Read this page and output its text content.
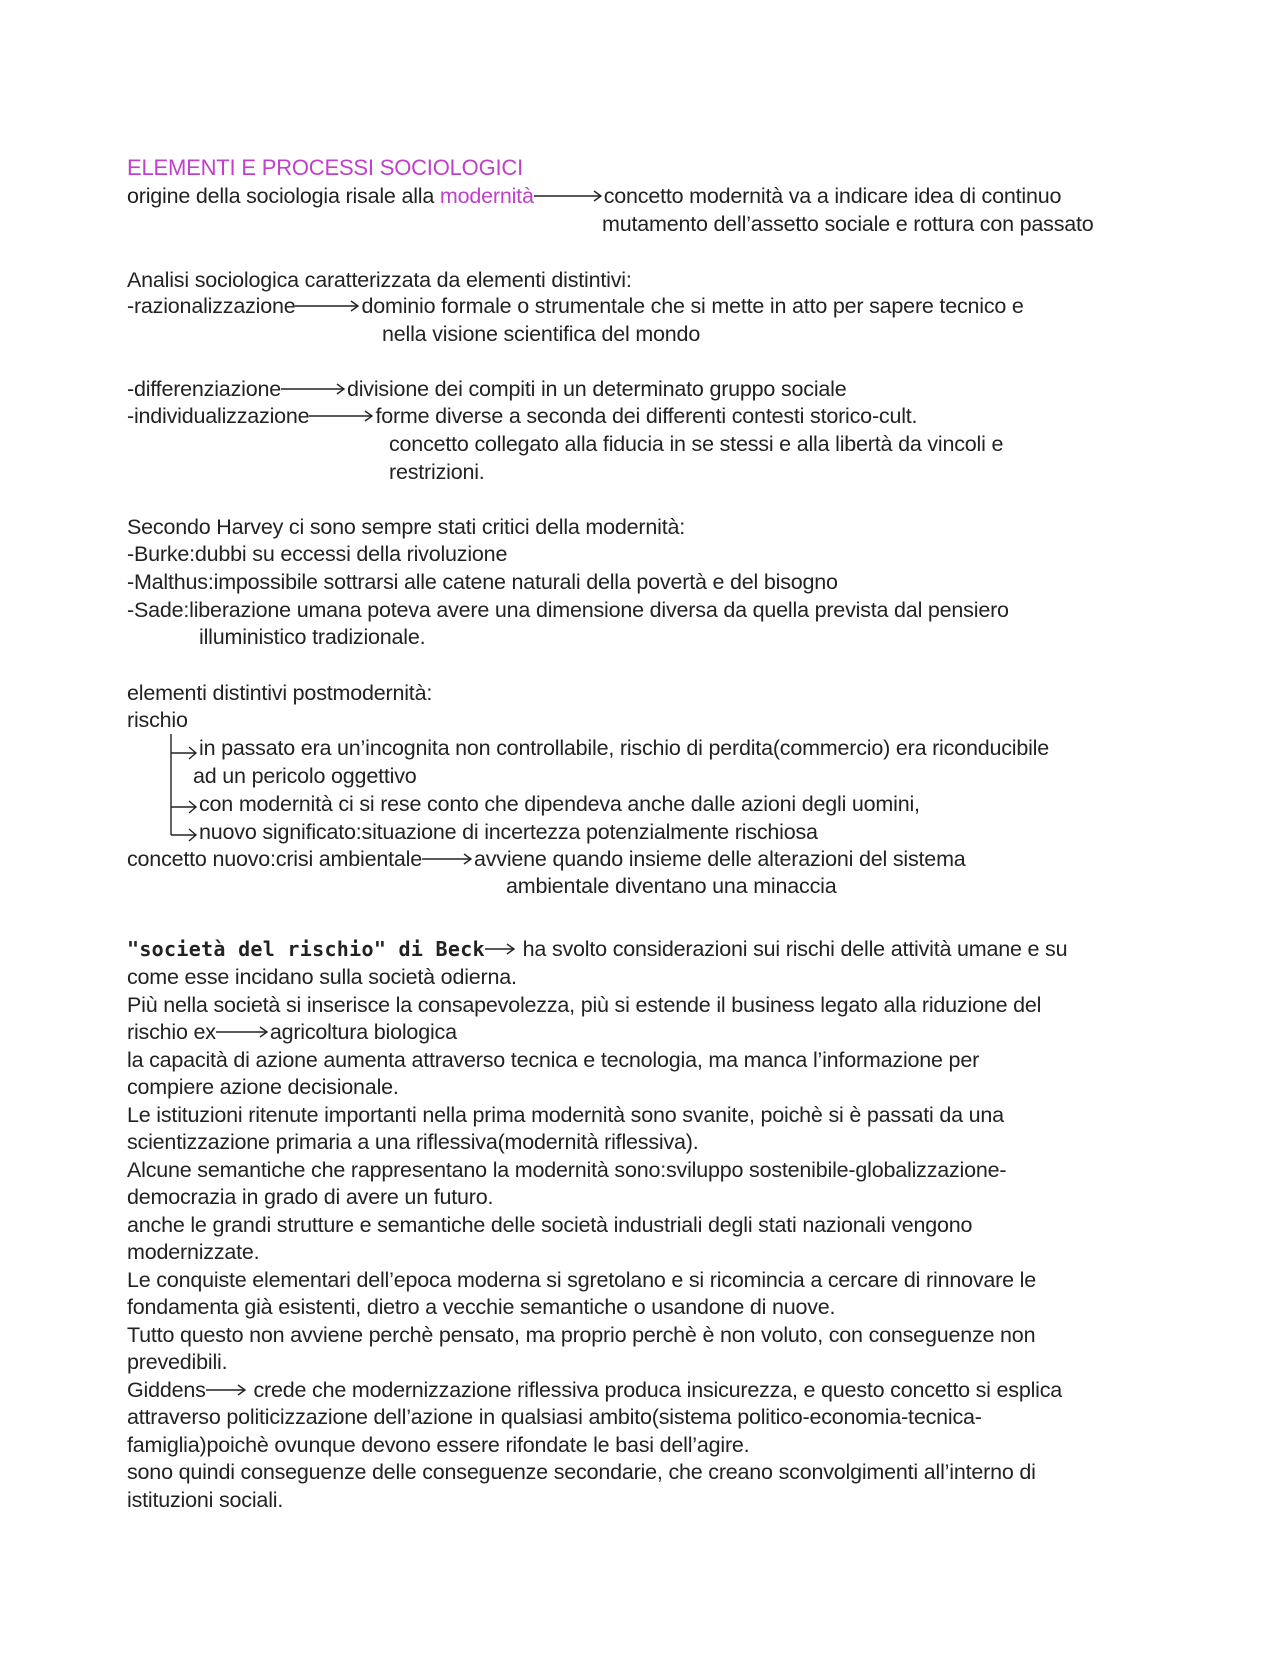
ELEMENTI E PROCESSI SOCIOLOGICI
origine della sociologia risale alla modernità	concetto modernità va a indicare idea di continuo
mutamento dell’assetto sociale e rottura con passato
Analisi sociologica caratterizzata da elementi distintivi:
-razionalizzazione	dominio formale o strumentale che si mette in atto per sapere tecnico e
nella visione scientifica del mondo
-differenziazione	divisione dei compiti in un determinato gruppo sociale
-individualizzazione	forme diverse a seconda dei differenti contesti storico-cult.
concetto collegato alla fiducia in se stessi e alla libertà da vincoli e
restrizioni.
Secondo Harvey ci sono sempre stati critici della modernità:
-Burke:dubbi su eccessi della rivoluzione
-Malthus:impossibile sottrarsi alle catene naturali della povertà e del bisogno
-Sade:liberazione umana poteva avere una dimensione diversa da quella prevista dal pensiero
illuministico tradizionale.
elementi distintivi postmodernità:
rischio
in passato era un’incognita non controllabile, rischio di perdita(commercio) era riconducibile
ad un pericolo oggettivo
con modernità ci si rese conto che dipendeva anche dalle azioni degli uomini,
nuovo significato:situazione di incertezza potenzialmente rischiosa
concetto nuovo:crisi ambientale avviene quando insieme delle alterazioni del sistema
ambientale diventano una minaccia
"società del rischio" di Beck
ha svolto considerazioni sui rischi delle attività umane e su
come esse incidano sulla società odierna.
Più nella società si inserisce la consapevolezza, più si estende il business legato alla riduzione del
rischio ex	agricoltura biologica
la capacità di azione aumenta attraverso tecnica e tecnologia, ma manca l’informazione per
compiere azione decisionale.
Le istituzioni ritenute importanti nella prima modernità sono svanite, poichè si è passati da una
scientizzazione primaria a una riflessiva(modernità riflessiva).
Alcune semantiche che rappresentano la modernità sono:sviluppo sostenibile-globalizzazione-
democrazia in grado di avere un futuro.
anche le grandi strutture e semantiche delle società industriali degli stati nazionali vengono
modernizzate.
Le conquiste elementari dell’epoca moderna si sgretolano e si ricomincia a cercare di rinnovare le
fondamenta già esistenti, dietro a vecchie semantiche o usandone di nuove.
Tutto questo non avviene perchè pensato, ma proprio perchè è non voluto, con conseguenze non
prevedibili.
Giddens
crede che modernizzazione riflessiva produca insicurezza, e questo concetto si esplica
attraverso politicizzazione dell’azione in qualsiasi ambito(sistema politico-economia-tecnica-
famiglia)poichè ovunque devono essere rifondate le basi dell’agire.
sono quindi conseguenze delle conseguenze secondarie, che creano sconvolgimenti all’interno di
istituzioni sociali.
